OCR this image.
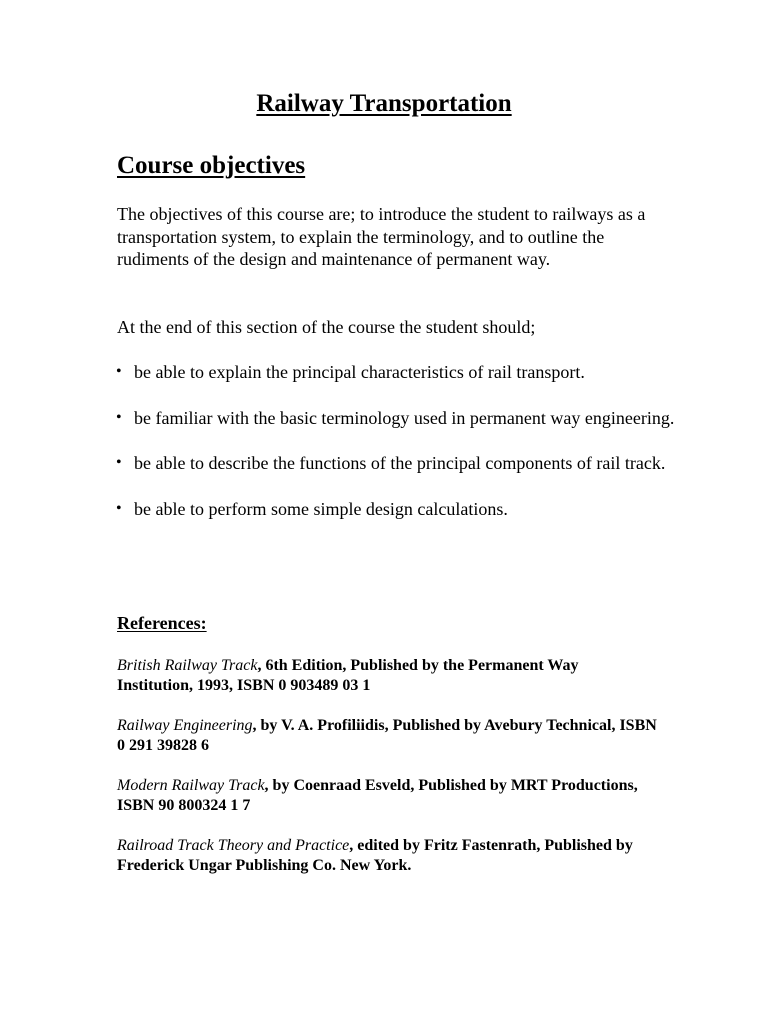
Railway Transportation
Course objectives

The objectives of this course are; to introduce the student to railways as a transportation system, to explain the terminology, and to outline the rudiments of the design and maintenance of permanent way.

At the end of this section of the course the student should;

• be able to explain the principal characteristics of rail transport.
• be familiar with the basic terminology used in permanent way engineering.
• be able to describe the functions of the principal components of rail track.
• be able to perform some simple design calculations.
References:

British Railway Track, 6th Edition, Published by the Permanent Way Institution, 1993, ISBN 0 903489 03 1

Railway Engineering, by V. A. Profiliidis, Published by Avebury Technical, ISBN 0 291 39828 6

Modern Railway Track, by Coenraad Esveld, Published by MRT Productions, ISBN 90 800324 1 7

Railroad Track Theory and Practice, edited by Fritz Fastenrath, Published by Frederick Ungar Publishing Co. New York.
